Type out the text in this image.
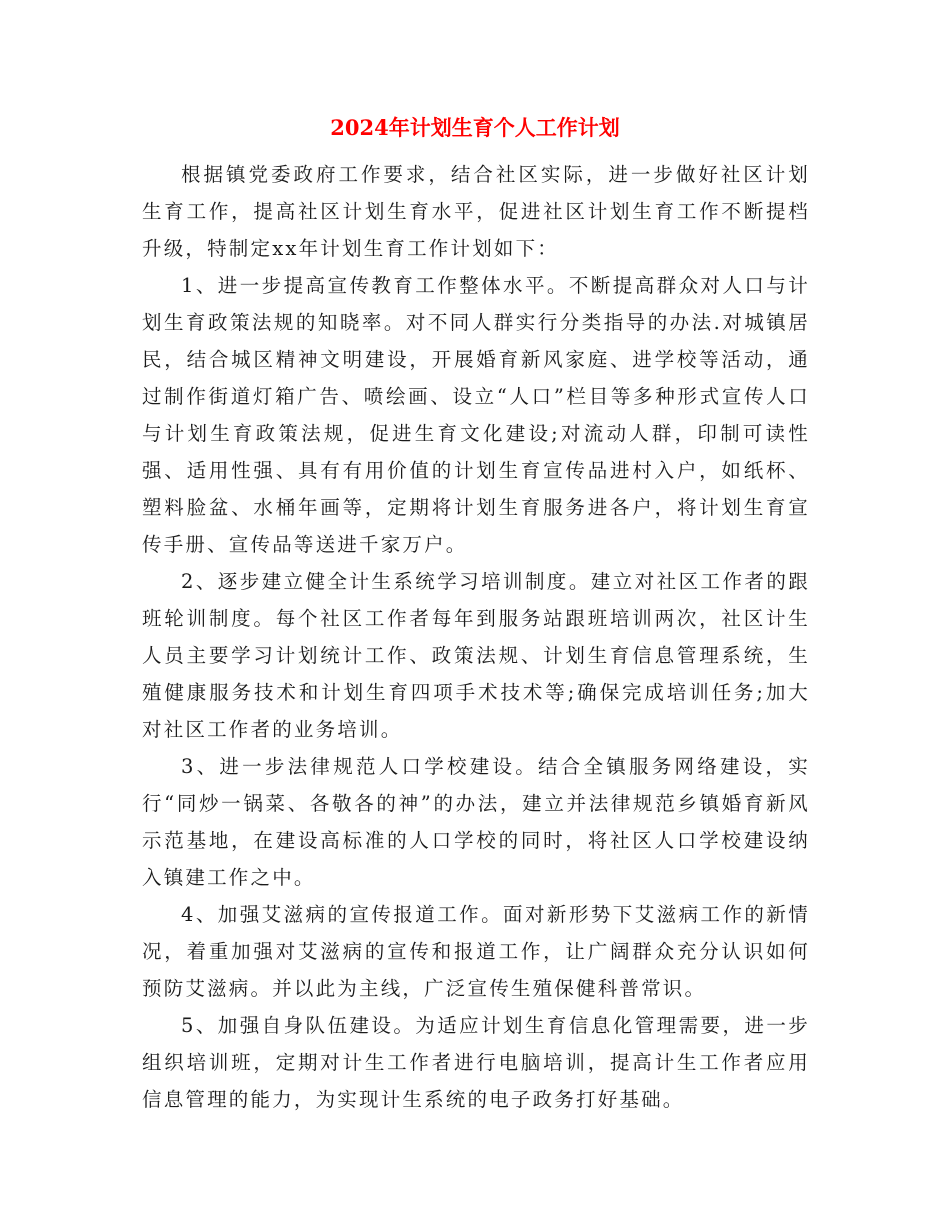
2024年计划生育个人工作计划

根据镇党委政府工作要求，结合社区实际，进一步做好社区计划生育工作，提高社区计划生育水平，促进社区计划生育工作不断提档升级，特制定xx年计划生育工作计划如下：

1、进一步提高宣传教育工作整体水平。不断提高群众对人口与计划生育政策法规的知晓率。对不同人群实行分类指导的办法.对城镇居民，结合城区精神文明建设，开展婚育新风家庭、进学校等活动，通过制作街道灯箱广告、喷绘画、设立“人口”栏目等多种形式宣传人口与计划生育政策法规，促进生育文化建设;对流动人群，印制可读性强、适用性强、具有有用价值的计划生育宣传品进村入户，如纸杯、塑料脸盆、水桶年画等，定期将计划生育服务进各户，将计划生育宣传手册、宣传品等送进千家万户。

2、逐步建立健全计生系统学习培训制度。建立对社区工作者的跟班轮训制度。每个社区工作者每年到服务站跟班培训两次，社区计生人员主要学习计划统计工作、政策法规、计划生育信息管理系统，生殖健康服务技术和计划生育四项手术技术等;确保完成培训任务;加大对社区工作者的业务培训。

3、进一步法律规范人口学校建设。结合全镇服务网络建设，实行“同炒一锅菜、各敬各的神”的办法，建立并法律规范乡镇婚育新风示范基地，在建设高标准的人口学校的同时，将社区人口学校建设纳入镇建工作之中。

4、加强艾滋病的宣传报道工作。面对新形势下艾滋病工作的新情况，着重加强对艾滋病的宣传和报道工作，让广阔群众充分认识如何预防艾滋病。并以此为主线，广泛宣传生殖保健科普常识。

5、加强自身队伍建设。为适应计划生育信息化管理需要，进一步组织培训班，定期对计生工作者进行电脑培训，提高计生工作者应用信息管理的能力，为实现计生系统的电子政务打好基础。
